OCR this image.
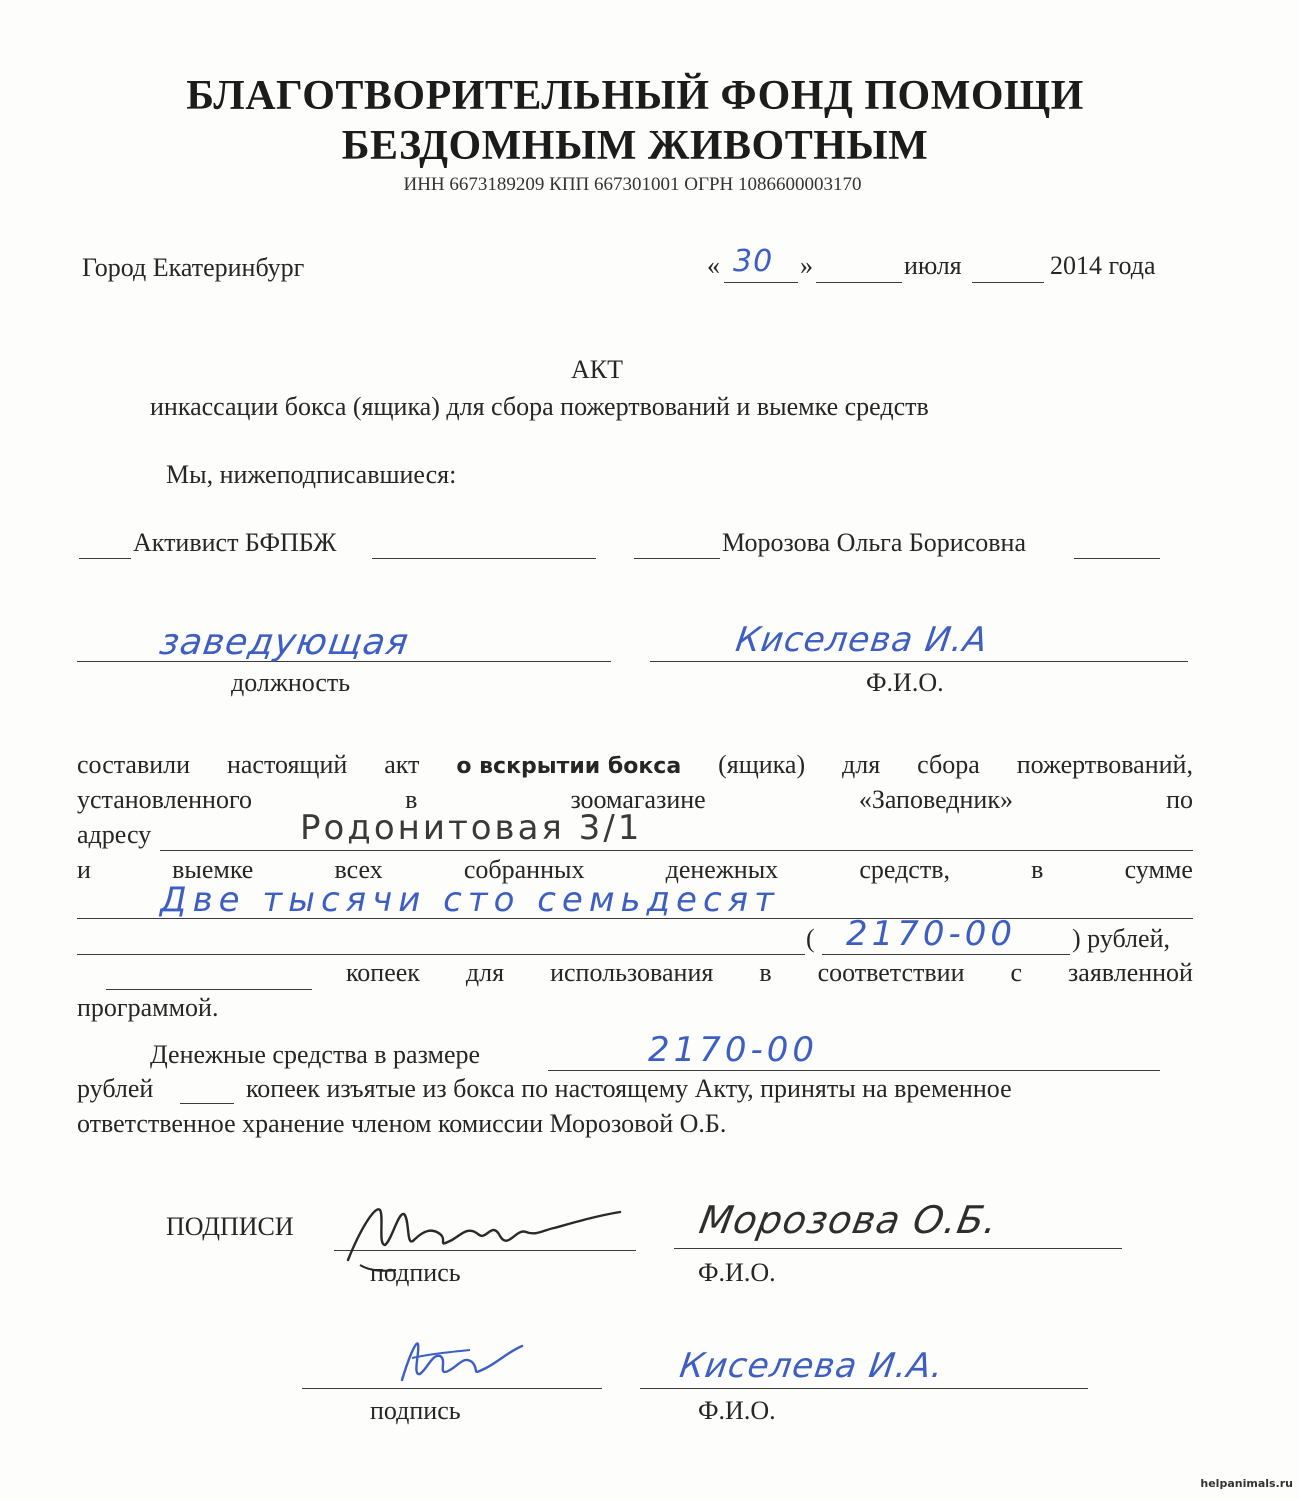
БЛАГОТВОРИТЕЛЬНЫЙ ФОНД ПОМОЩИ
БЕЗДОМНЫМ ЖИВОТНЫМ
ИНН 6673189209 КПП 667301001 ОГРН 1086600003170
Город Екатеринбург	« 30 »	июля	2014 года
АКТ
инкассации бокса (ящика) для сбора пожертвований и выемке средств
Мы, нижеподписавшиеся:
Активист БФПБЖ	Морозова Ольга Борисовна
заведующая
должность
Киселева И.А
Ф.И.О.
составили настоящий акт о вскрытии бокса (ящика) для сбора пожертвований,
установленного	в	зоомагазине	«Заповедник»	по
адресу	Родонитовая 3/1
и	выемке	всех	собранных	денежных	средств,	в	сумме
Две тысячи сто семьдесят
( 2170-00 ) рублей,
копеек для использования в соответствии с заявленной
программой.
Денежные средства в размере	2170-00
рублей	копеек изъятые из бокса по настоящему Акту, приняты на временное
ответственное хранение членом комиссии Морозовой О.Б.
ПОДПИСИ
подпись
Морозова О.Б.
Ф.И.О.
подпись
Киселева И.А.
Ф.И.О.
helpanimals.ru
